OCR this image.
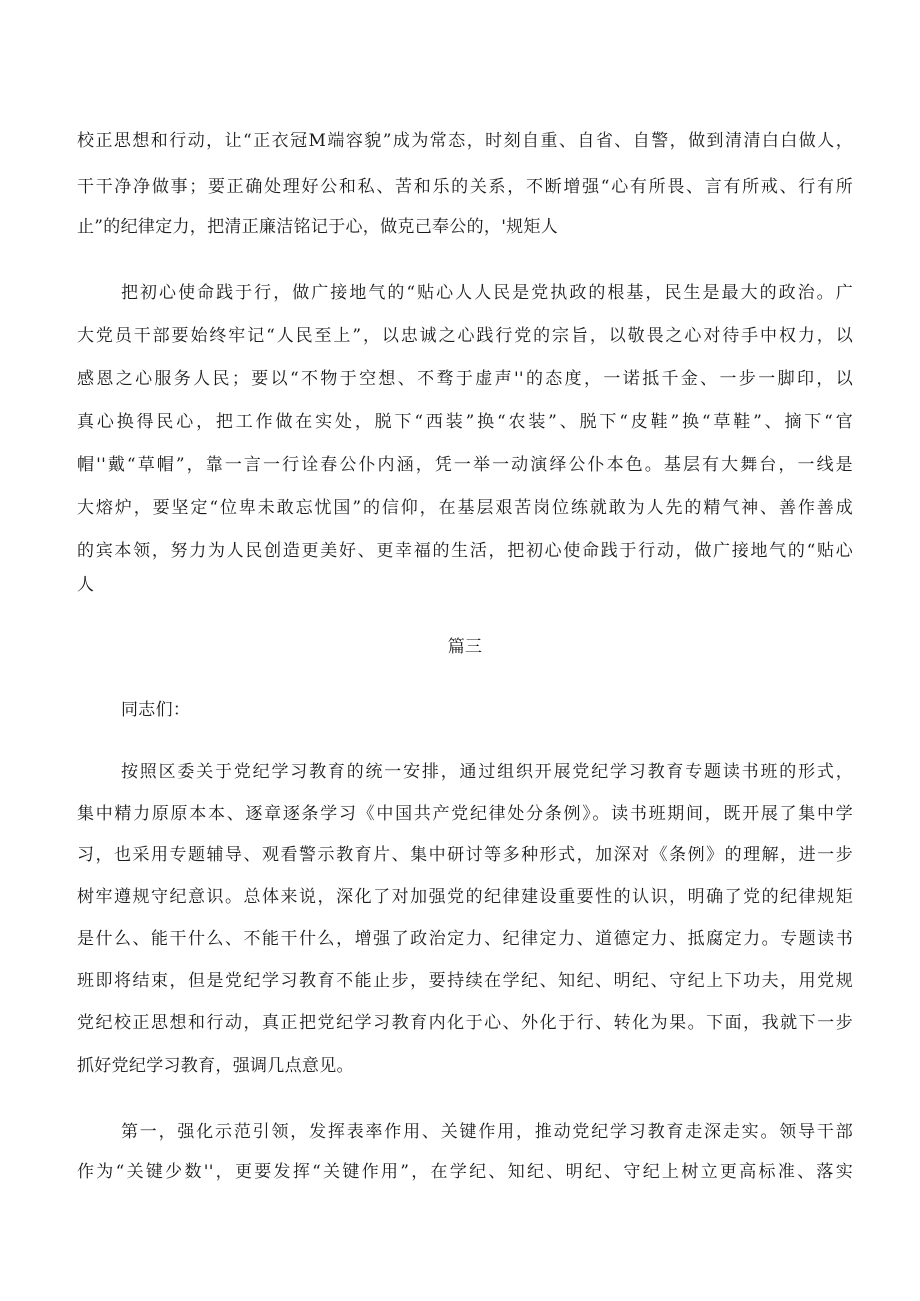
校正思想和行动，让“正衣冠M端容貌”成为常态，时刻自重、自省、自警，做到清清白白做人，
干干净净做事；要正确处理好公和私、苦和乐的关系，不断增强“心有所畏、言有所戒、行有所
止”的纪律定力，把清正廉洁铭记于心，做克己奉公的，'规矩人
把初心使命践于行，做广接地气的“贴心人人民是党执政的根基，民生是最大的政治。广
大党员干部要始终牢记“人民至上”，以忠诚之心践行党的宗旨，以敬畏之心对待手中权力，以
感恩之心服务人民；要以“不物于空想、不骛于虚声''的态度，一诺抵千金、一步一脚印，以
真心换得民心，把工作做在实处，脱下“西装”换“农装”、脱下“皮鞋”换“草鞋”、摘下“官
帽''戴“草帽”，靠一言一行诠春公仆内涵，凭一举一动演绎公仆本色。基层有大舞台，一线是
大熔炉，要坚定“位卑未敢忘忧国”的信仰，在基层艰苦岗位练就敢为人先的精气神、善作善成
的宾本领，努力为人民创造更美好、更幸福的生活，把初心使命践于行动，做广接地气的“贴心
人
篇三
同志们：
按照区委关于党纪学习教育的统一安排，通过组织开展党纪学习教育专题读书班的形式，
集中精力原原本本、逐章逐条学习《中国共产党纪律处分条例》。读书班期间，既开展了集中学
习，也采用专题辅导、观看警示教育片、集中研讨等多种形式，加深对《条例》的理解，进一步
树牢遵规守纪意识。总体来说，深化了对加强党的纪律建设重要性的认识，明确了党的纪律规矩
是什么、能干什么、不能干什么，增强了政治定力、纪律定力、道德定力、抵腐定力。专题读书
班即将结束，但是党纪学习教育不能止步，要持续在学纪、知纪、明纪、守纪上下功夫，用党规
党纪校正思想和行动，真正把党纪学习教育内化于心、外化于行、转化为果。下面，我就下一步
抓好党纪学习教育，强调几点意见。
第一，强化示范引领，发挥表率作用、关键作用，推动党纪学习教育走深走实。领导干部
作为“关键少数''，更要发挥“关键作用”，在学纪、知纪、明纪、守纪上树立更高标准、落实
